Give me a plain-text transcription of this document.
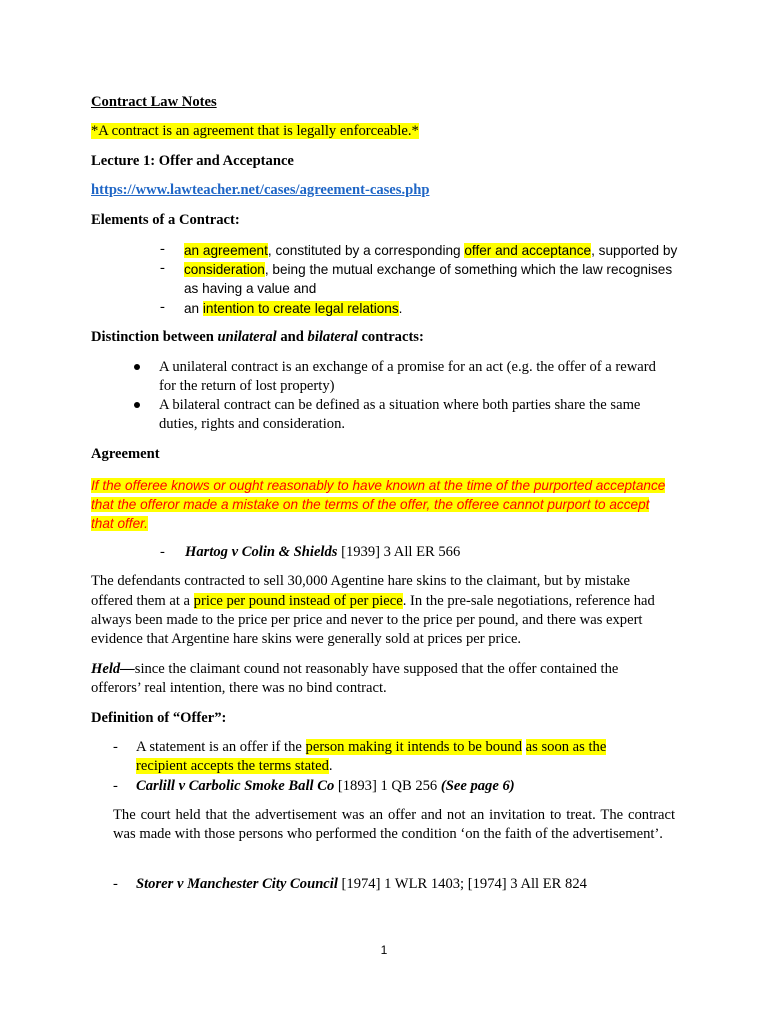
Contract Law Notes
*A contract is an agreement that is legally enforceable.*
Lecture 1: Offer and Acceptance
https://www.lawteacher.net/cases/agreement-cases.php
Elements of a Contract:
- an agreement, constituted by a corresponding offer and acceptance, supported by
- consideration, being the mutual exchange of something which the law recognises
as having a value and
- an intention to create legal relations.
Distinction between unilateral and bilateral contracts:
A unilateral contract is an exchange of a promise for an act (e.g. the offer of a reward
for the return of lost property)
A bilateral contract can be defined as a situation where both parties share the same
duties, rights and consideration.
Agreement
If the offeree knows or ought reasonably to have known at the time of the purported acceptance
that the offeror made a mistake on the terms of the offer, the offeree cannot purport to accept
that offer.
- Hartog v Colin & Shields [1939] 3 All ER 566
The defendants contracted to sell 30,000 Agentine hare skins to the claimant, but by mistake
offered them at a price per pound instead of per piece. In the pre-sale negotiations, reference had
always been made to the price per price and never to the price per pound, and there was expert
evidence that Argentine hare skins were generally sold at prices per price.
Held—since the claimant cound not reasonably have supposed that the offer contained the
offerors’ real intention, there was no bind contract.
Definition of “Offer”:
- A statement is an offer if the person making it intends to be bound as soon as the
recipient accepts the terms stated.
- Carlill v Carbolic Smoke Ball Co [1893] 1 QB 256 (See page 6)
The court held that the advertisement was an offer and not an invitation to treat. The contract was made with those persons who performed the condition ‘on the faith of the advertisement’.
- Storer v Manchester City Council [1974] 1 WLR 1403; [1974] 3 All ER 824
1
